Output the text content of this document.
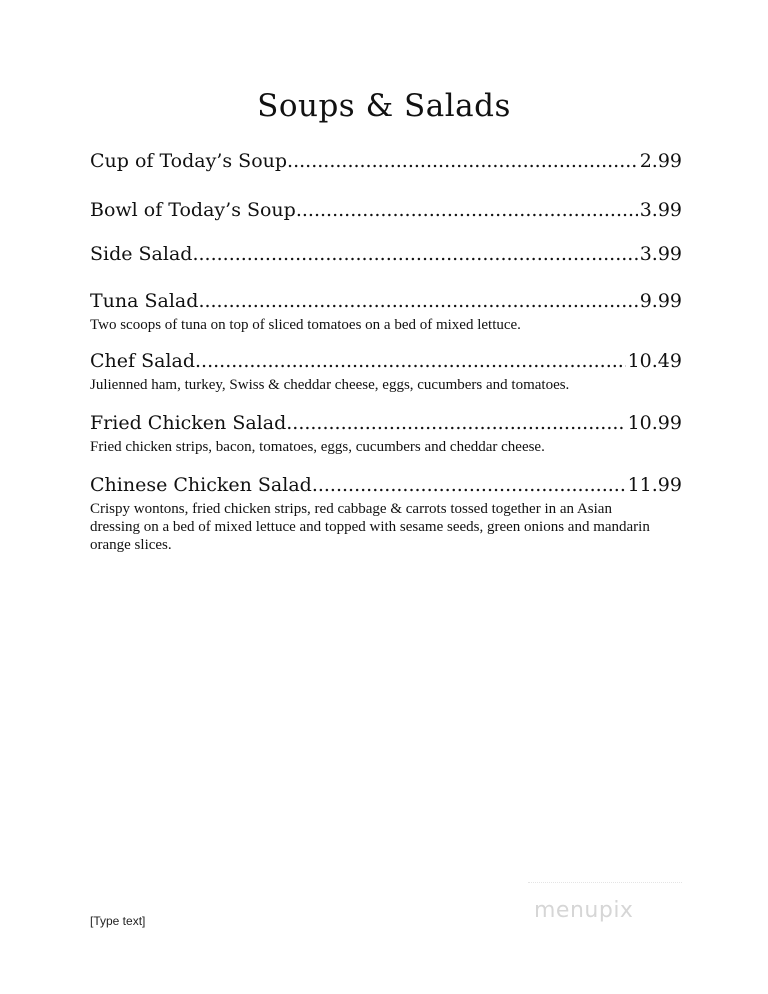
Soups & Salads
Cup of Today’s Soup .....	2.99
Bowl of Today’s Soup .....	3.99
Side Salad .....	3.99
Tuna Salad .....	9.99
Two scoops of tuna on top of sliced tomatoes on a bed of mixed lettuce.
Chef Salad .....	10.49
Julienned ham, turkey, Swiss & cheddar cheese, eggs, cucumbers and tomatoes.
Fried Chicken Salad .....	10.99
Fried chicken strips, bacon, tomatoes, eggs, cucumbers and cheddar cheese.
Chinese Chicken Salad .....	11.99
Crispy wontons, fried chicken strips, red cabbage & carrots tossed together in an Asian dressing on a bed of mixed lettuce and topped with sesame seeds, green onions and mandarin orange slices.
menupix
[Type text]
